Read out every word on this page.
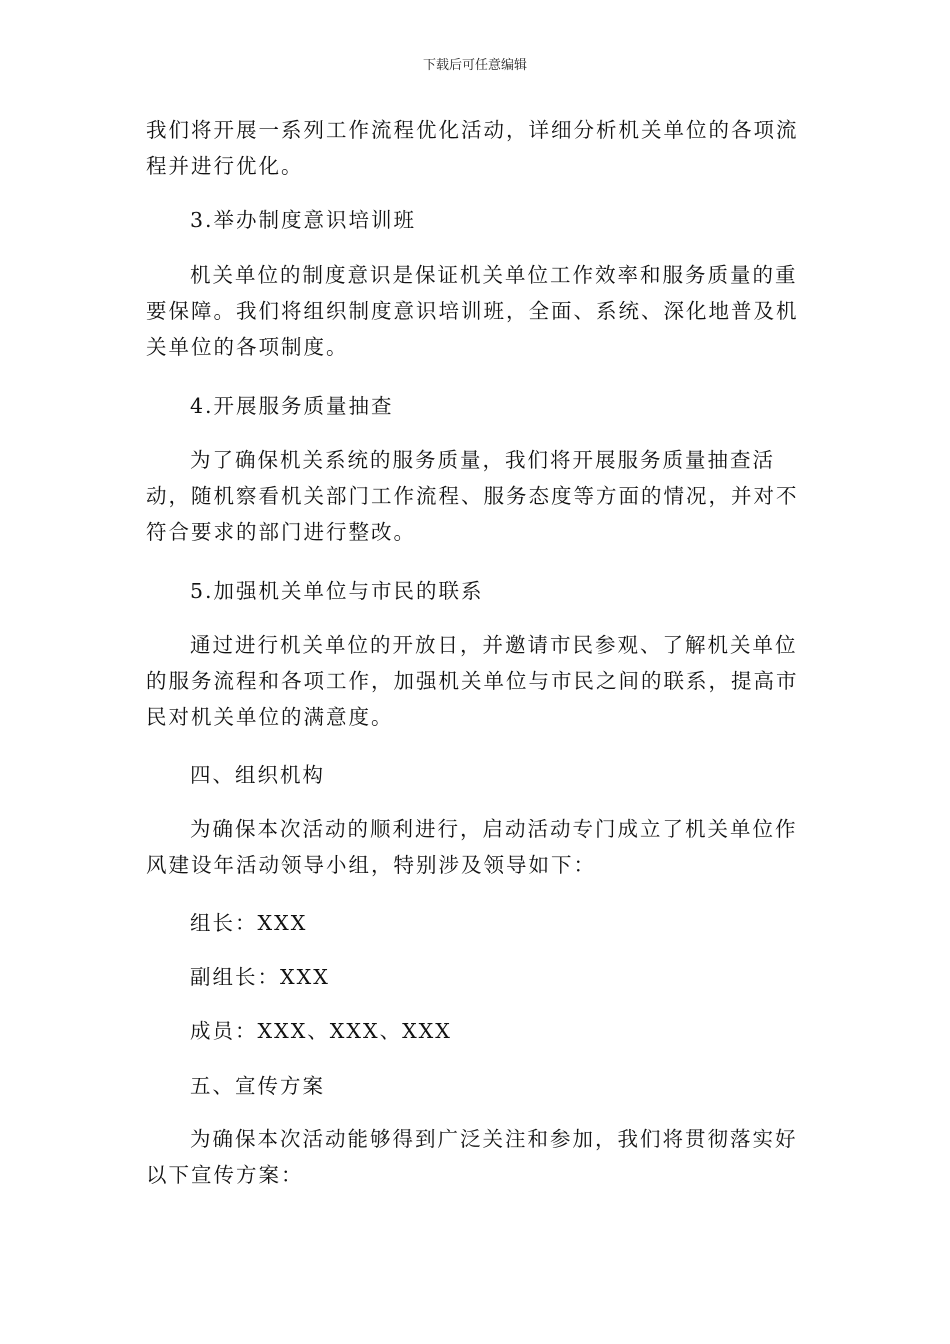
下载后可任意编辑

我们将开展一系列工作流程优化活动，详细分析机关单位的各项流程并进行优化。

3.举办制度意识培训班

机关单位的制度意识是保证机关单位工作效率和服务质量的重要保障。我们将组织制度意识培训班，全面、系统、深化地普及机关单位的各项制度。

4.开展服务质量抽查

为了确保机关系统的服务质量，我们将开展服务质量抽查活动，随机察看机关部门工作流程、服务态度等方面的情况，并对不符合要求的部门进行整改。

5.加强机关单位与市民的联系

通过进行机关单位的开放日，并邀请市民参观、了解机关单位的服务流程和各项工作，加强机关单位与市民之间的联系，提高市民对机关单位的满意度。

四、组织机构

为确保本次活动的顺利进行，启动活动专门成立了机关单位作风建设年活动领导小组，特别涉及领导如下：

组长：XXX

副组长：XXX

成员：XXX、XXX、XXX

五、宣传方案

为确保本次活动能够得到广泛关注和参加，我们将贯彻落实好以下宣传方案：
